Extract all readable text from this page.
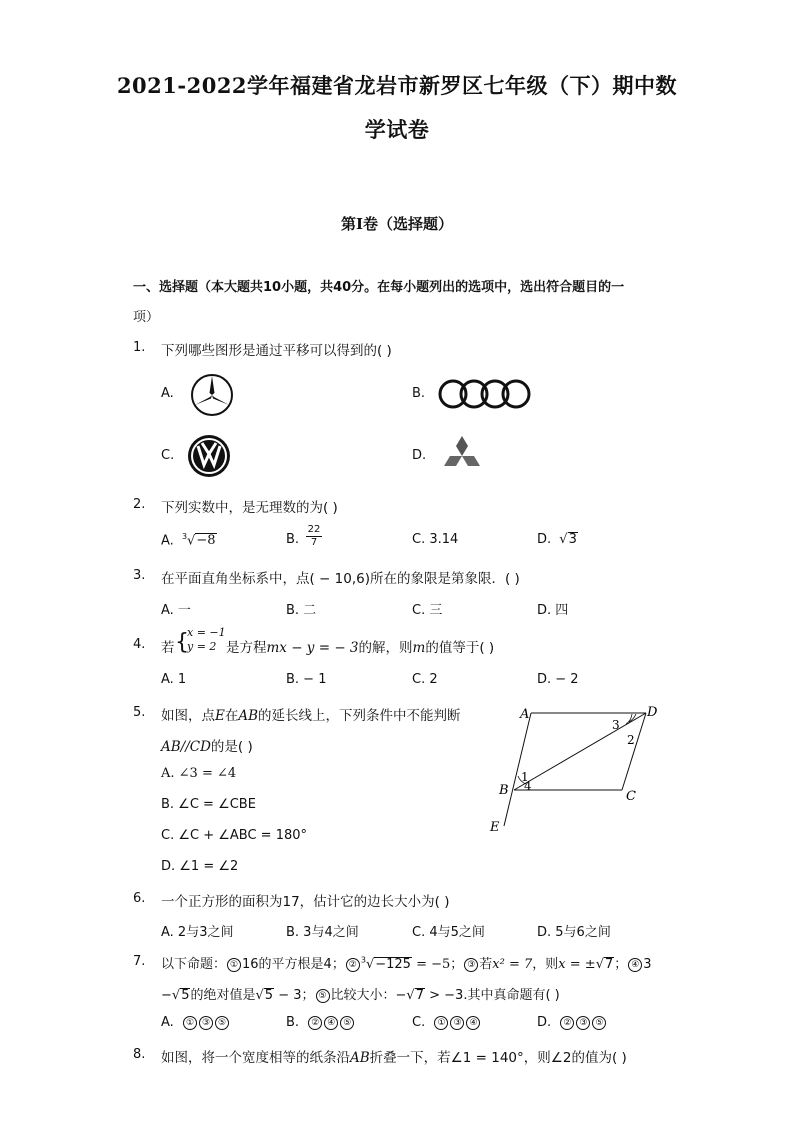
2021-2022学年福建省龙岩市新罗区七年级（下）期中数
学试卷
第I卷（选择题）
一、选择题（本大题共10小题，共40分。在每小题列出的选项中，选出符合题目的一
项）
1. 下列哪些图形是通过平移可以得到的( )
A.	B.
C.	D.
2. 下列实数中，是无理数的为( )
A. $^3$√−8	B. $\frac{22}{7}$	C. 3.14	D. √3
3. 在平面直角坐标系中，点( − 10,6)所在的象限是第象限．( )
A. 一	B. 二	C. 三	D. 四
4. 若 {
x = −1
y = 2 是方程mx − y = − 3的解，则m的值等于( )
A. 1	B. − 1	C. 2	D. − 2
5. 如图，点E在AB的延长线上，下列条件中不能判断
AB//CD的是( )
A. ∠3 = ∠4
B. ∠C = ∠CBE
C. ∠C + ∠ABC = 180°
D. ∠1 = ∠2
A	D
B	C
E
1
2
3
4
6. 一个正方形的面积为17，估计它的边长大小为( )
A. 2与3之间	B. 3与4之间	C. 4与5之间	D. 5与6之间
7. 以下命题： ① 16的平方根是4； ② $^3$√−125 = −5； ③ 若x² = 7，则x = ±√7； ④ 3
−√5的绝对值是√5 − 3； ⑤ 比较大小：−√7 > −3.其中真命题有( )
A. ① ③ ⑤	B. ② ④ ⑤	C. ① ③ ④	D. ② ③ ⑤
8. 如图，将一个宽度相等的纸条沿AB折叠一下，若∠1 = 140°，则∠2的值为( )
